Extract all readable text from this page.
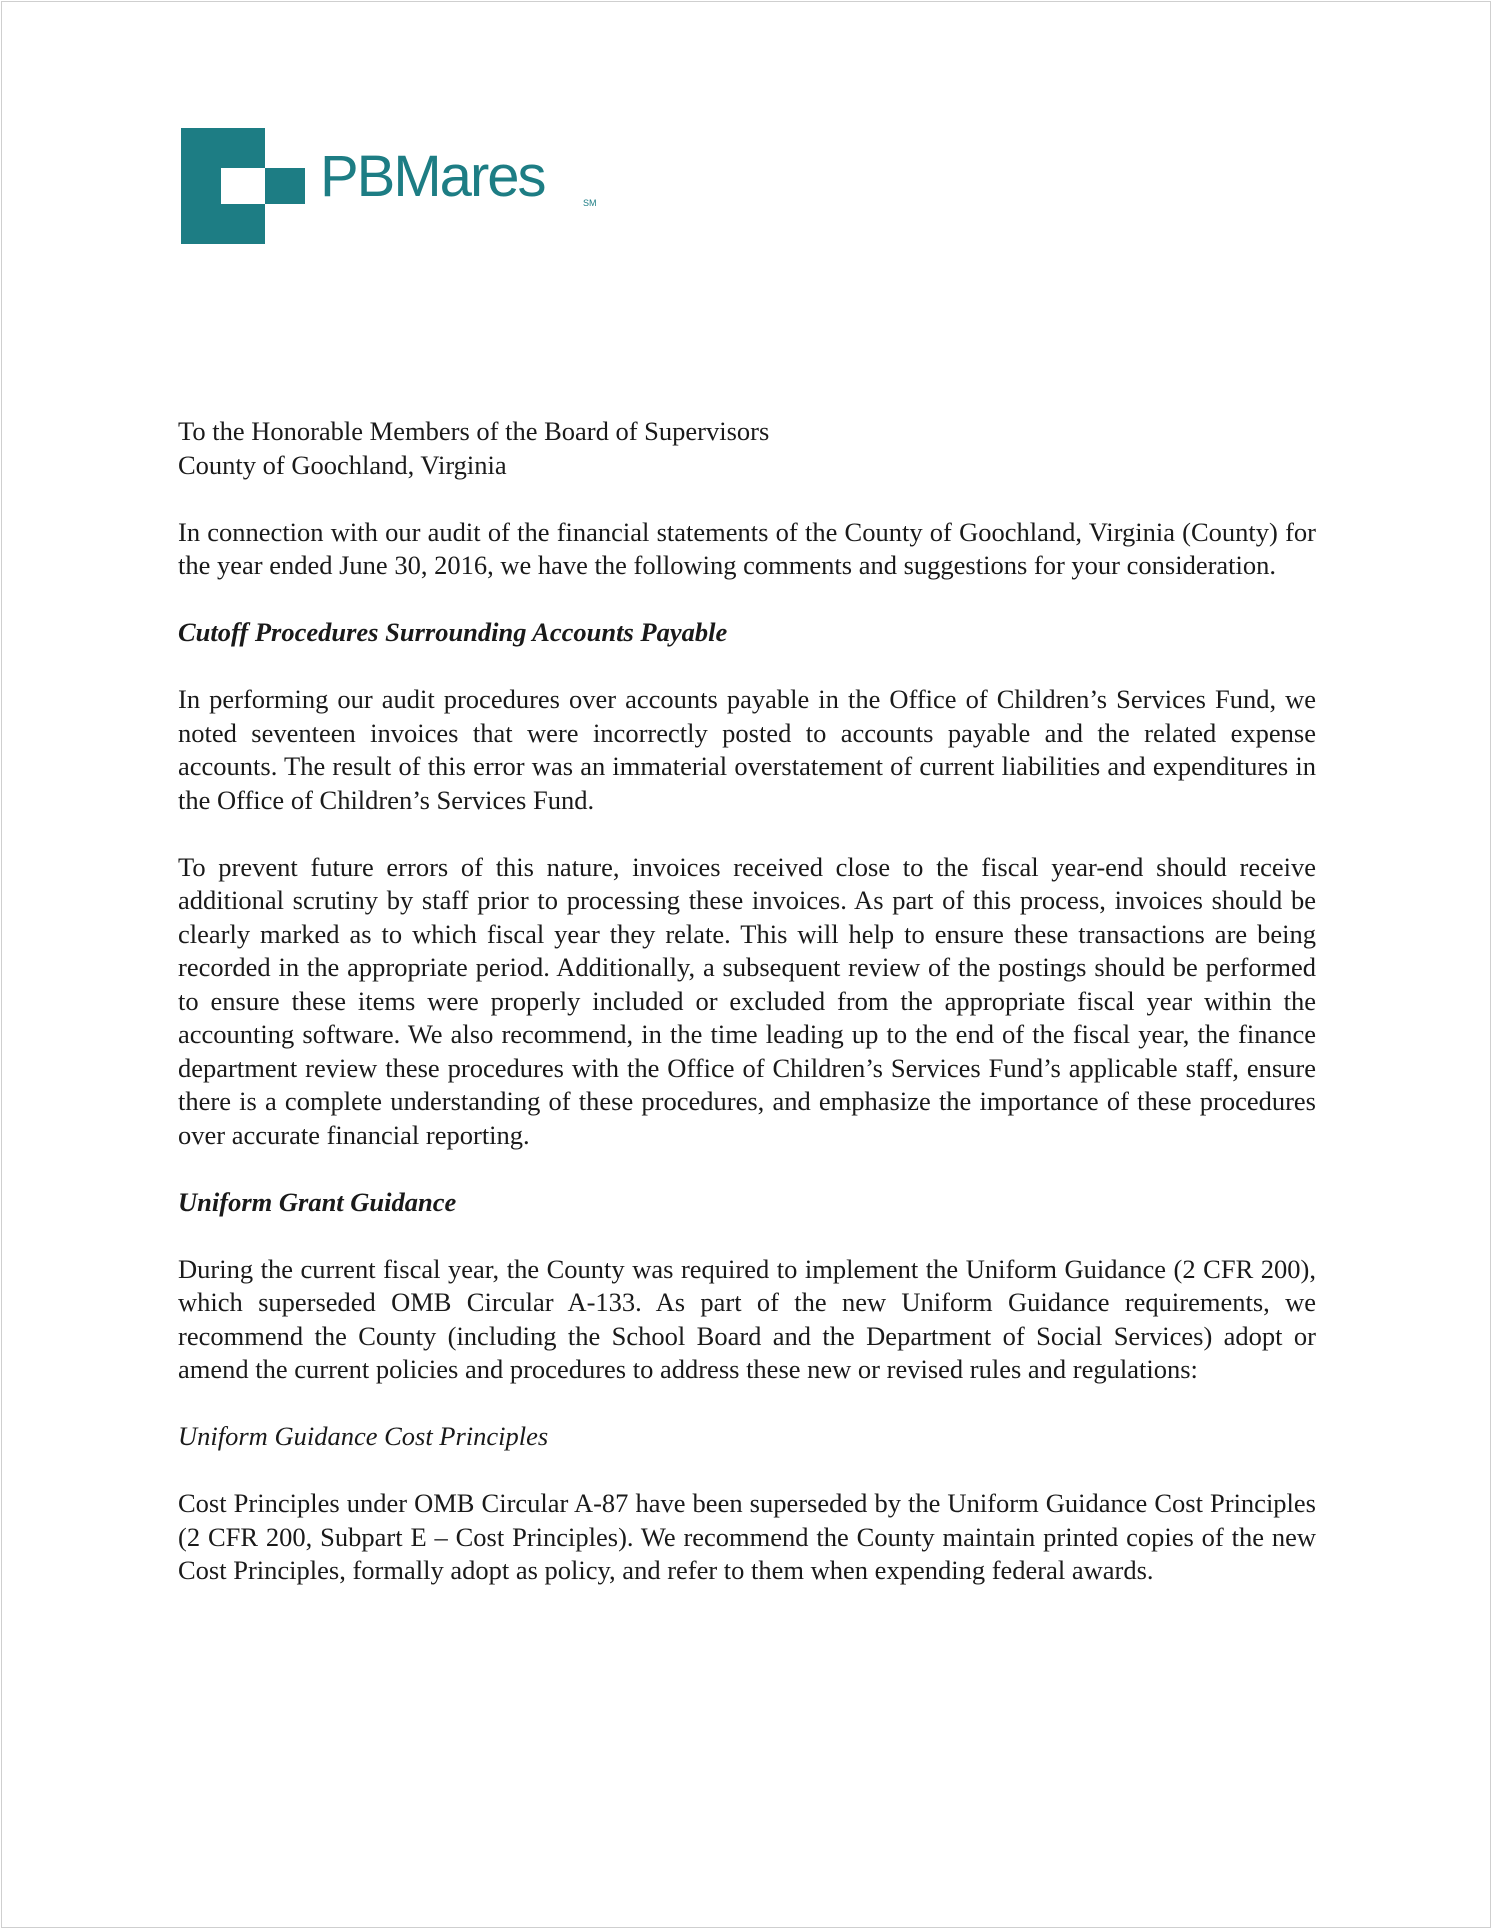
PBMares	SM
To the Honorable Members of the Board of Supervisors
County of Goochland, Virginia

In connection with our audit of the financial statements of the County of Goochland, Virginia (County) for the year ended June 30, 2016, we have the following comments and suggestions for your consideration.

Cutoff Procedures Surrounding Accounts Payable

In performing our audit procedures over accounts payable in the Office of Children’s Services Fund, we noted seventeen invoices that were incorrectly posted to accounts payable and the related expense accounts. The result of this error was an immaterial overstatement of current liabilities and expenditures in the Office of Children’s Services Fund.

To prevent future errors of this nature, invoices received close to the fiscal year-end should receive additional scrutiny by staff prior to processing these invoices. As part of this process, invoices should be clearly marked as to which fiscal year they relate. This will help to ensure these transactions are being recorded in the appropriate period. Additionally, a subsequent review of the postings should be performed to ensure these items were properly included or excluded from the appropriate fiscal year within the accounting software. We also recommend, in the time leading up to the end of the fiscal year, the finance department review these procedures with the Office of Children’s Services Fund’s applicable staff, ensure there is a complete understanding of these procedures, and emphasize the importance of these procedures over accurate financial reporting.

Uniform Grant Guidance

During the current fiscal year, the County was required to implement the Uniform Guidance (2 CFR 200), which superseded OMB Circular A-133. As part of the new Uniform Guidance requirements, we recommend the County (including the School Board and the Department of Social Services) adopt or amend the current policies and procedures to address these new or revised rules and regulations:

Uniform Guidance Cost Principles

Cost Principles under OMB Circular A-87 have been superseded by the Uniform Guidance Cost Principles (2 CFR 200, Subpart E – Cost Principles). We recommend the County maintain printed copies of the new Cost Principles, formally adopt as policy, and refer to them when expending federal awards.
